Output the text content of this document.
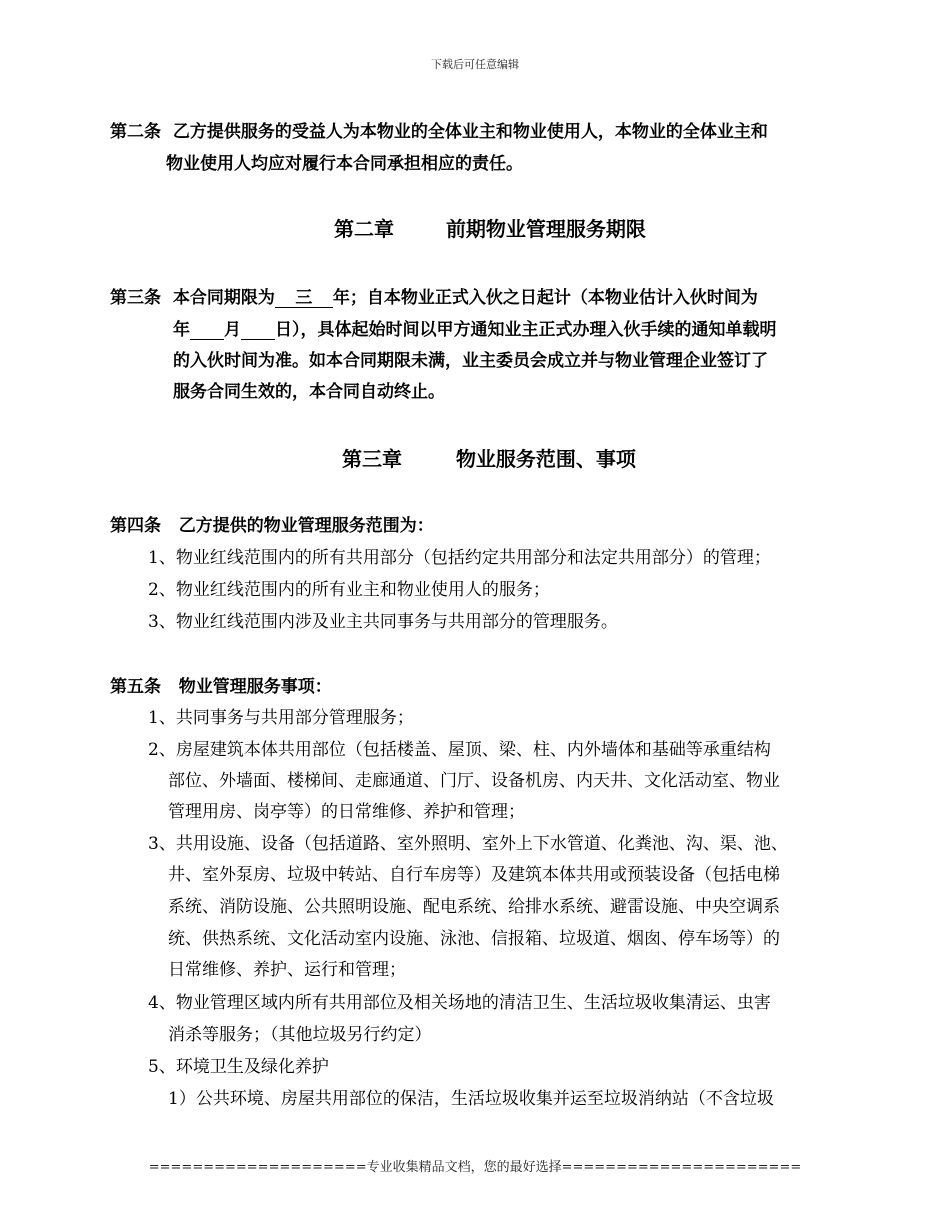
下载后可任意编辑
第二条 乙方提供服务的受益人为本物业的全体业主和物业使用人，本物业的全体业主和
物业使用人均应对履行本合同承担相应的责任。
第二章	前期物业管理服务期限
第三条 本合同期限为 三 年；自本物业正式入伙之日起计（本物业估计入伙时间为
年 月 日），具体起始时间以甲方通知业主正式办理入伙手续的通知单载明
的入伙时间为准。如本合同期限未满，业主委员会成立并与物业管理企业签订了
服务合同生效的，本合同自动终止。
第三章	物业服务范围、事项
第四条 乙方提供的物业管理服务范围为：
1、物业红线范围内的所有共用部分（包括约定共用部分和法定共用部分）的管理；
2、物业红线范围内的所有业主和物业使用人的服务；
3、物业红线范围内涉及业主共同事务与共用部分的管理服务。
第五条 物业管理服务事项：
1、共同事务与共用部分管理服务；
2、房屋建筑本体共用部位（包括楼盖、屋顶、梁、柱、内外墙体和基础等承重结构
部位、外墙面、楼梯间、走廊通道、门厅、设备机房、内天井、文化活动室、物业
管理用房、岗亭等）的日常维修、养护和管理；
3、共用设施、设备（包括道路、室外照明、室外上下水管道、化粪池、沟、渠、池、
井、室外泵房、垃圾中转站、自行车房等）及建筑本体共用或预装设备（包括电梯
系统、消防设施、公共照明设施、配电系统、给排水系统、避雷设施、中央空调系
统、供热系统、文化活动室内设施、泳池、信报箱、垃圾道、烟囱、停车场等）的
日常维修、养护、运行和管理；
4、物业管理区域内所有共用部位及相关场地的清洁卫生、生活垃圾收集清运、虫害
消杀等服务；（其他垃圾另行约定）
5、环境卫生及绿化养护
1）公共环境、房屋共用部位的保洁，生活垃圾收集并运至垃圾消纳站（不含垃圾
====================专业收集精品文档，您的最好选择======================
